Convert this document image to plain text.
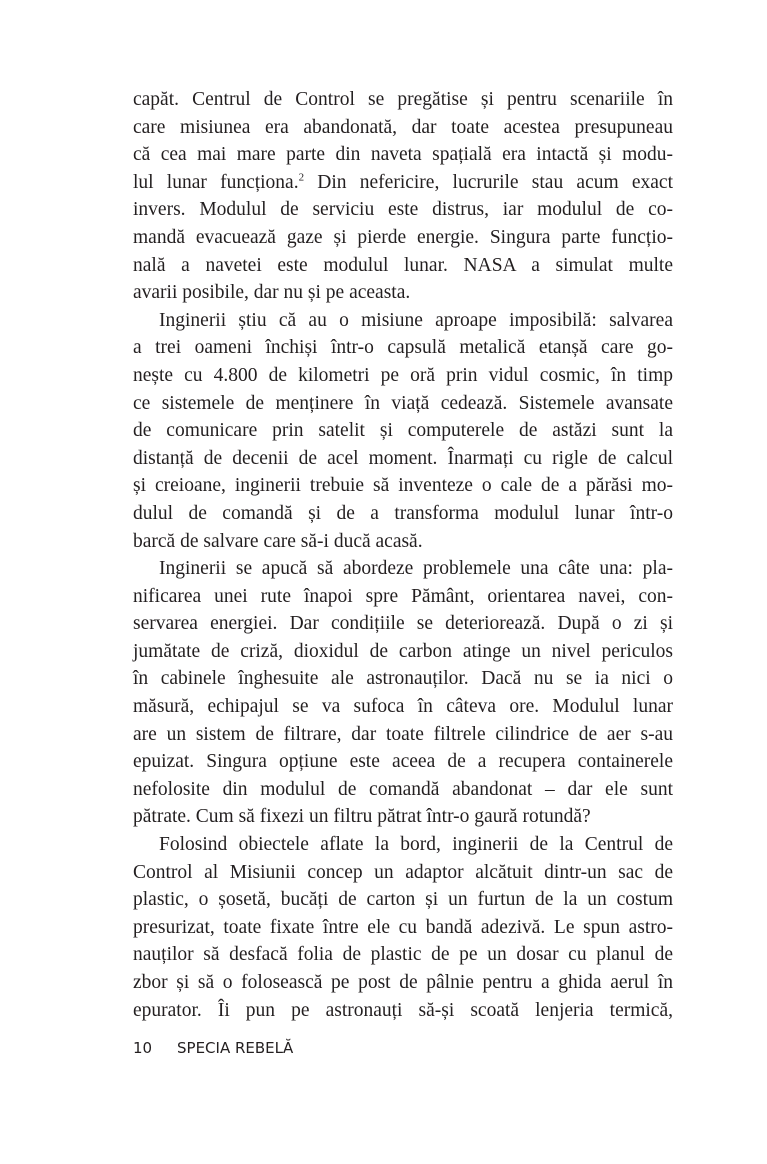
capăt. Centrul de Control se pregătise și pentru scenariile în
care misiunea era abandonată, dar toate acestea presupuneau
că cea mai mare parte din naveta spațială era intactă și modu-
lul lunar funcționa.$^2$ Din nefericire, lucrurile stau acum exact
invers. Modulul de serviciu este distrus, iar modulul de co-
mandă evacuează gaze și pierde energie. Singura parte funcțio-
nală a navetei este modulul lunar. NASA a simulat multe
avarii posibile, dar nu și pe aceasta.
Inginerii știu că au o misiune aproape imposibilă: salvarea
a trei oameni închiși într-o capsulă metalică etanșă care go-
nește cu 4.800 de kilometri pe oră prin vidul cosmic, în timp
ce sistemele de menținere în viață cedează. Sistemele avansate
de comunicare prin satelit și computerele de astăzi sunt la
distanță de decenii de acel moment. Înarmați cu rigle de calcul
și creioane, inginerii trebuie să inventeze o cale de a părăsi mo-
dulul de comandă și de a transforma modulul lunar într-o
barcă de salvare care să-i ducă acasă.
Inginerii se apucă să abordeze problemele una câte una: pla-
nificarea unei rute înapoi spre Pământ, orientarea navei, con-
servarea energiei. Dar condițiile se deteriorează. După o zi și
jumătate de criză, dioxidul de carbon atinge un nivel periculos
în cabinele înghesuite ale astronauților. Dacă nu se ia nici o
măsură, echipajul se va sufoca în câteva ore. Modulul lunar
are un sistem de filtrare, dar toate filtrele cilindrice de aer s-au
epuizat. Singura opțiune este aceea de a recupera containerele
nefolosite din modulul de comandă abandonat – dar ele sunt
pătrate. Cum să fixezi un filtru pătrat într-o gaură rotundă?
Folosind obiectele aflate la bord, inginerii de la Centrul de
Control al Misiunii concep un adaptor alcătuit dintr-un sac de
plastic, o șosetă, bucăți de carton și un furtun de la un costum
presurizat, toate fixate între ele cu bandă adezivă. Le spun astro-
nauților să desfacă folia de plastic de pe un dosar cu planul de
zbor și să o folosească pe post de pâlnie pentru a ghida aerul în
epurator. Îi pun pe astronauți să-și scoată lenjeria termică,
10 SPECIA REBELĂ
